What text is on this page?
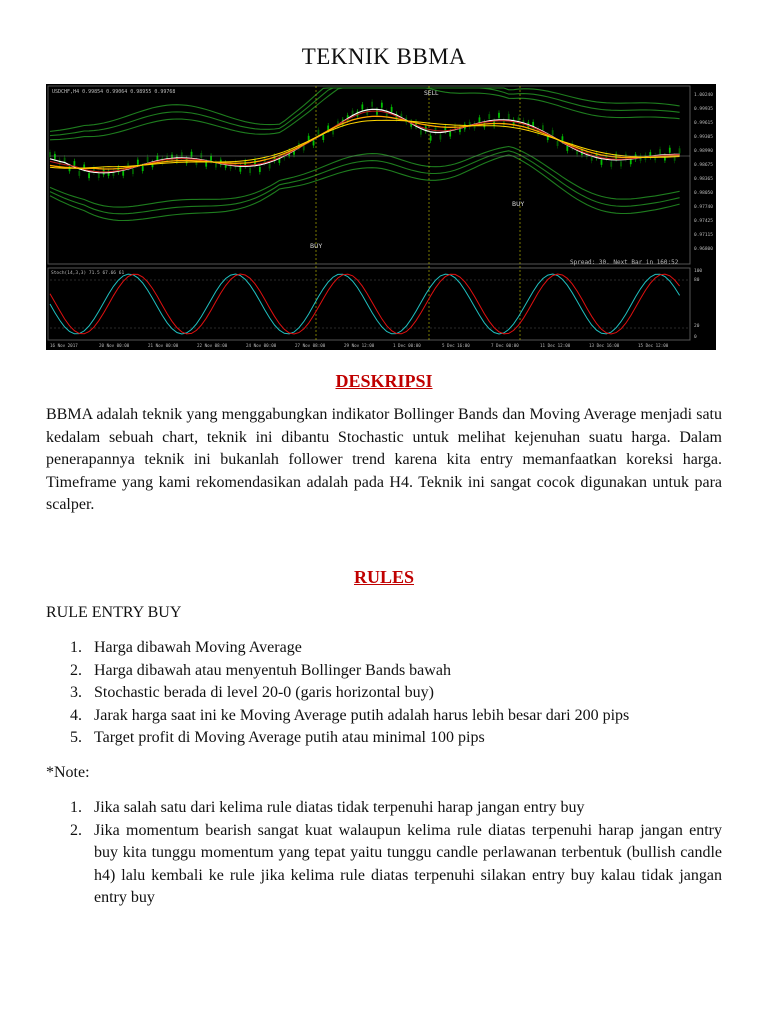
TEKNIK BBMA
1.00240
0.99935
0.99615
0.99305
0.98990
0.98675
0.98365
0.98050
0.97740
0.97425
0.97115
0.96800
100
80
20
0
16 Nov 2017	20 Nov 00:00	21 Nov 00:00	22 Nov 08:00	24 Nov 00:00	27 Nov 08:00	29 Nov 12:00	1 Dec 00:00	5 Dec 16:00	7 Dec 00:00	11 Dec 12:00	13 Dec 16:00	15 Dec 12:00
USDCHF,H4 0.99854 0.99064 0.98955 0.99768	SELL
BUY
BUY
Spread: 30. Next Bar in 160:52
Stoch(14,3,3) 71.5 67.66 61
DESKRIPSI
BBMA adalah teknik yang menggabungkan indikator Bollinger Bands dan Moving Average menjadi satu kedalam sebuah chart, teknik ini dibantu Stochastic untuk melihat kejenuhan suatu harga. Dalam penerapannya teknik ini bukanlah follower trend karena kita entry memanfaatkan koreksi harga. Timeframe yang kami rekomendasikan adalah pada H4. Teknik ini sangat cocok digunakan untuk para scalper.
RULES
RULE ENTRY BUY
1. Harga dibawah Moving Average
2. Harga dibawah atau menyentuh Bollinger Bands bawah
3. Stochastic berada di level 20-0 (garis horizontal buy)
4. Jarak harga saat ini ke Moving Average putih adalah harus lebih besar dari 200 pips
5. Target profit di Moving Average putih atau minimal 100 pips
*Note:
1. Jika salah satu dari kelima rule diatas tidak terpenuhi harap jangan entry buy
2. Jika momentum bearish sangat kuat walaupun kelima rule diatas terpenuhi harap jangan entry buy kita tunggu momentum yang tepat yaitu tunggu candle perlawanan terbentuk (bullish candle h4) lalu kembali ke rule jika kelima rule diatas terpenuhi silakan entry buy kalau tidak jangan entry buy
